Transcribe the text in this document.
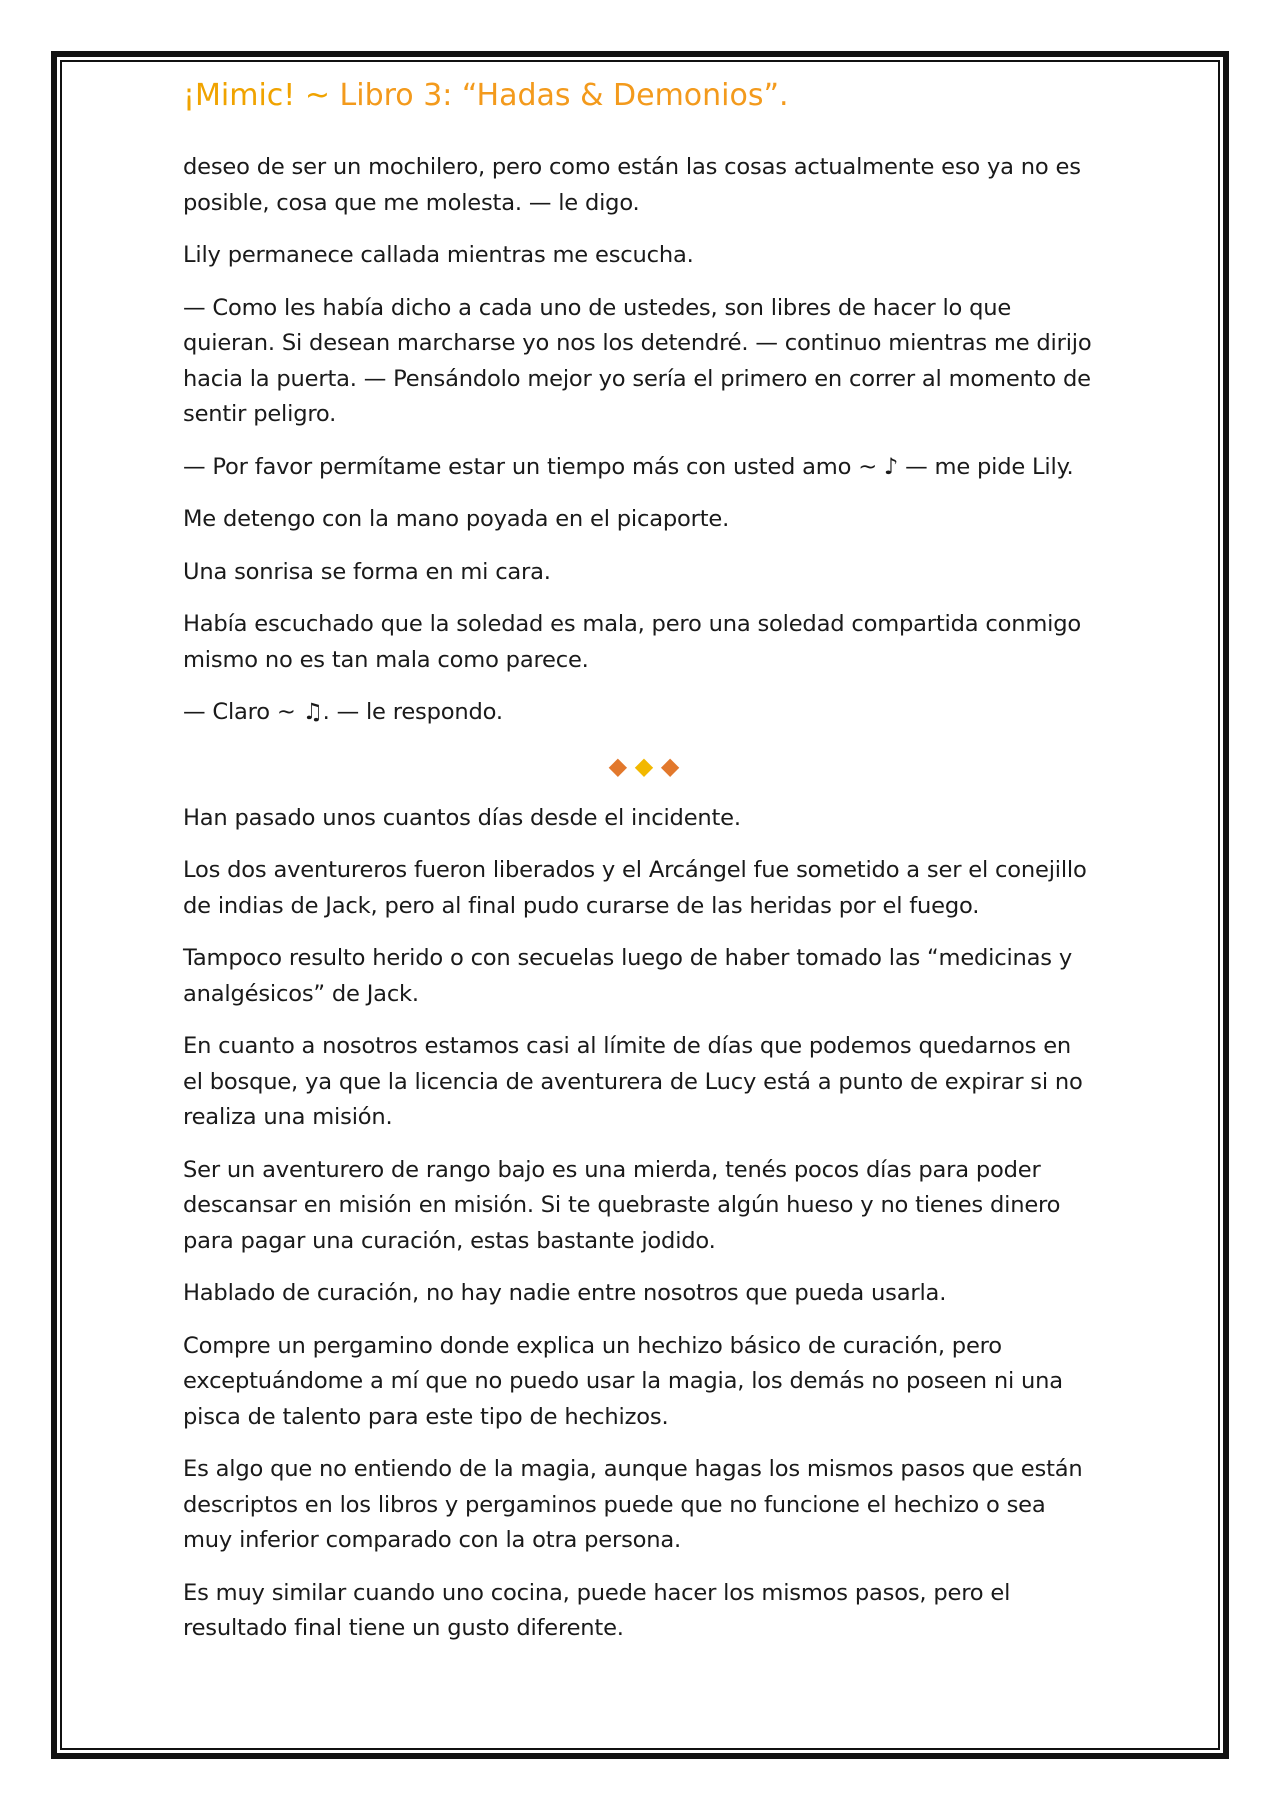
¡Mimic! ~ Libro 3: “Hadas & Demonios”.

deseo de ser un mochilero, pero como están las cosas actualmente eso ya no es posible, cosa que me molesta. — le digo.

Lily permanece callada mientras me escucha.

— Como les había dicho a cada uno de ustedes, son libres de hacer lo que quieran. Si desean marcharse yo nos los detendré. — continuo mientras me dirijo hacia la puerta. — Pensándolo mejor yo sería el primero en correr al momento de sentir peligro.

— Por favor permítame estar un tiempo más con usted amo ~ ♪ — me pide Lily.

Me detengo con la mano poyada en el picaporte.

Una sonrisa se forma en mi cara.

Había escuchado que la soledad es mala, pero una soledad compartida conmigo mismo no es tan mala como parece.

— Claro ~ ♫. — le respondo.

◆ ◆ ◆

Han pasado unos cuantos días desde el incidente.

Los dos aventureros fueron liberados y el Arcángel fue sometido a ser el conejillo de indias de Jack, pero al final pudo curarse de las heridas por el fuego.

Tampoco resulto herido o con secuelas luego de haber tomado las “medicinas y analgésicos” de Jack.

En cuanto a nosotros estamos casi al límite de días que podemos quedarnos en el bosque, ya que la licencia de aventurera de Lucy está a punto de expirar si no realiza una misión.

Ser un aventurero de rango bajo es una mierda, tenés pocos días para poder descansar en misión en misión. Si te quebraste algún hueso y no tienes dinero para pagar una curación, estas bastante jodido.

Hablado de curación, no hay nadie entre nosotros que pueda usarla.

Compre un pergamino donde explica un hechizo básico de curación, pero exceptuándome a mí que no puedo usar la magia, los demás no poseen ni una pisca de talento para este tipo de hechizos.

Es algo que no entiendo de la magia, aunque hagas los mismos pasos que están descriptos en los libros y pergaminos puede que no funcione el hechizo o sea muy inferior comparado con la otra persona.

Es muy similar cuando uno cocina, puede hacer los mismos pasos, pero el resultado final tiene un gusto diferente.
